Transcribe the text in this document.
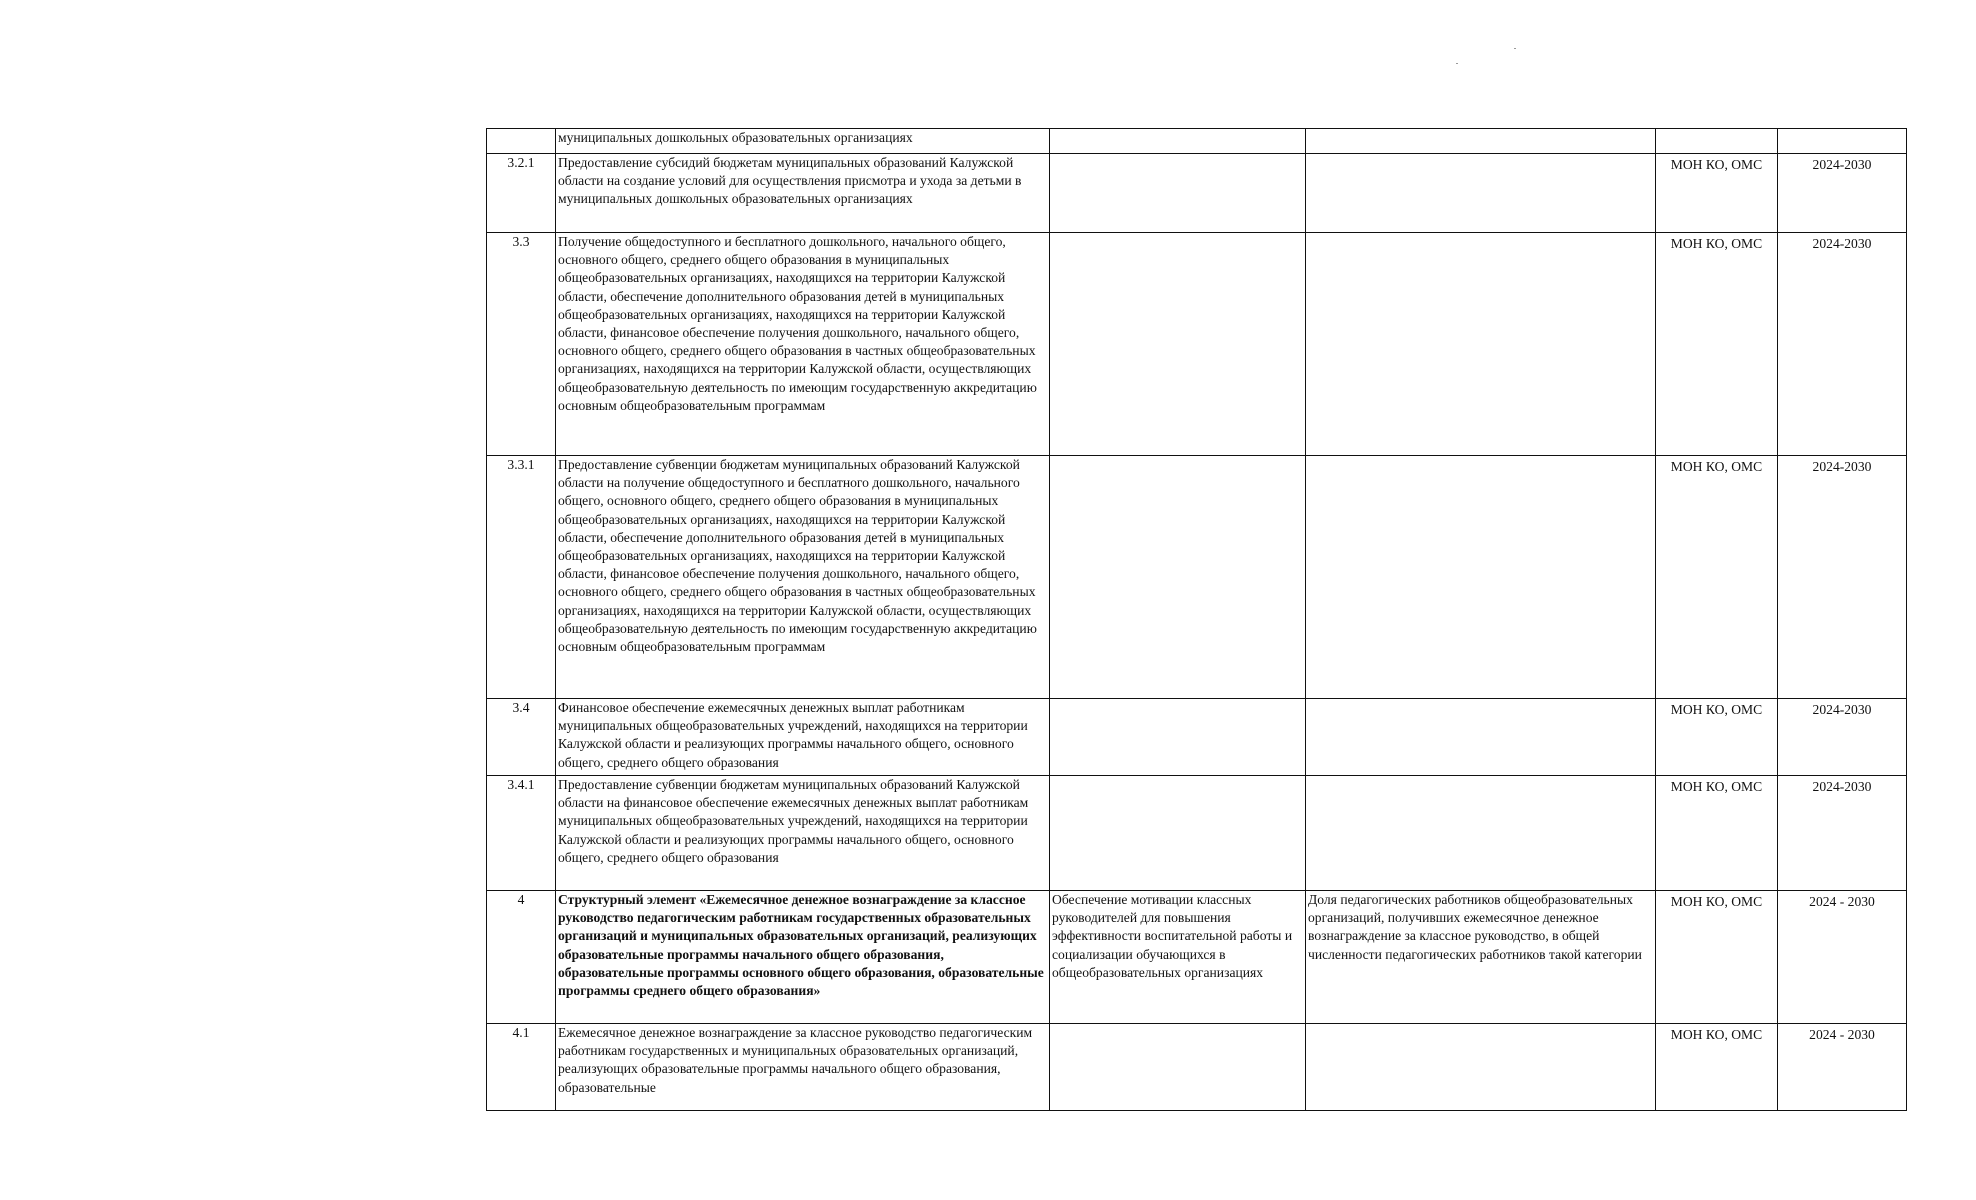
	муниципальных дошкольных образовательных организациях				
3.2.1	Предоставление субсидий бюджетам муниципальных образований Калужской области на создание условий для осуществления присмотра и ухода за детьми в муниципальных дошкольных образовательных организациях			МОН КО, ОМС	2024-2030
3.3	Получение общедоступного и бесплатного дошкольного, начального общего, основного общего, среднего общего образования в муниципальных общеобразовательных организациях, находящихся на территории Калужской области, обеспечение дополнительного образования детей в муниципальных общеобразовательных организациях, находящихся на территории Калужской области, финансовое обеспечение получения дошкольного, начального общего, основного общего, среднего общего образования в частных общеобразовательных организациях, находящихся на территории Калужской области, осуществляющих общеобразовательную деятельность по имеющим государственную аккредитацию основным общеобразовательным программам			МОН КО, ОМС	2024-2030
3.3.1	Предоставление субвенции бюджетам муниципальных образований Калужской области на получение общедоступного и бесплатного дошкольного, начального общего, основного общего, среднего общего образования в муниципальных общеобразовательных организациях, находящихся на территории Калужской области, обеспечение дополнительного образования детей в муниципальных общеобразовательных организациях, находящихся на территории Калужской области, финансовое обеспечение получения дошкольного, начального общего, основного общего, среднего общего образования в частных общеобразовательных организациях, находящихся на территории Калужской области, осуществляющих общеобразовательную деятельность по имеющим государственную аккредитацию основным общеобразовательным программам			МОН КО, ОМС	2024-2030
3.4	Финансовое обеспечение ежемесячных денежных выплат работникам муниципальных общеобразовательных учреждений, находящихся на территории Калужской области и реализующих программы начального общего, основного общего, среднего общего образования			МОН КО, ОМС	2024-2030
3.4.1	Предоставление субвенции бюджетам муниципальных образований Калужской области на финансовое обеспечение ежемесячных денежных выплат работникам муниципальных общеобразовательных учреждений, находящихся на территории Калужской области и реализующих программы начального общего, основного общего, среднего общего образования			МОН КО, ОМС	2024-2030
4	Структурный элемент «Ежемесячное денежное вознаграждение за классное руководство педагогическим работникам государственных образовательных организаций и муниципальных образовательных организаций, реализующих образовательные программы начального общего образования, образовательные программы основного общего образования, образовательные программы среднего общего образования»	Обеспечение мотивации классных руководителей для повышения эффективности воспитательной работы и социализации обучающихся в общеобразовательных организациях	Доля педагогических работников общеобразовательных организаций, получивших ежемесячное денежное вознаграждение за классное руководство, в общей численности педагогических работников такой категории	МОН КО, ОМС	2024 - 2030
4.1	Ежемесячное денежное вознаграждение за классное руководство педагогическим работникам государственных и муниципальных образовательных организаций, реализующих образовательные программы начального общего образования, образовательные			МОН КО, ОМС	2024 - 2030
